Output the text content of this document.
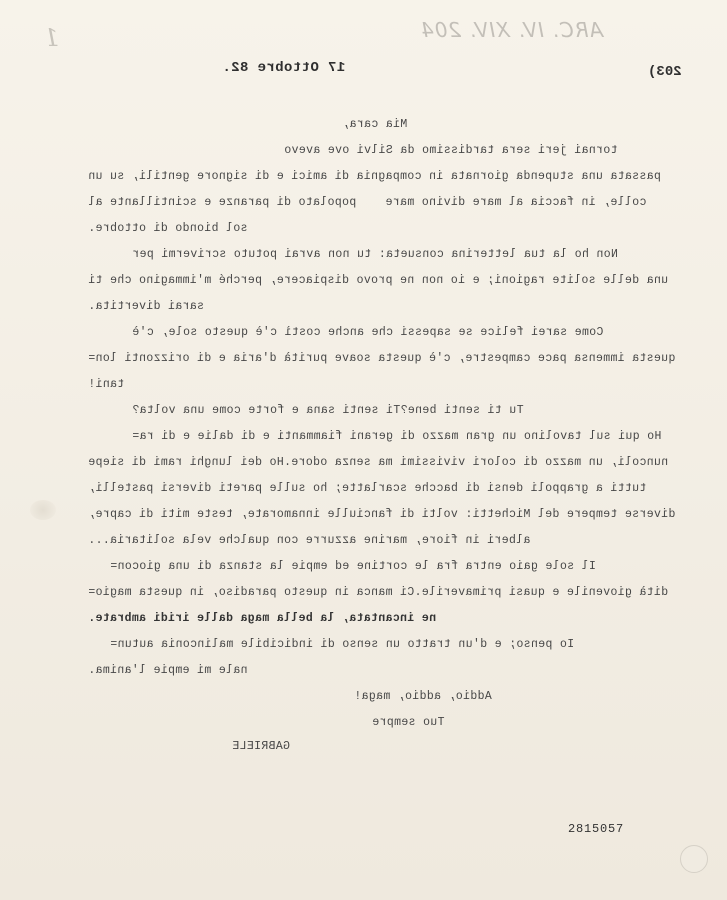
1	ARC. IV. XIV. 204
17 Ottobre 82.	203)
Mia cara,
tornai jeri sera tardissimo da Silvi ove avevo
passata una stupenda giornata in compagnia di amici e di signore gentili, su un
colle, in faccia al mare divino mare    popolato di paranze e scintillante al
sol biondo di ottobre.
Non ho la tua letterina consueta: tu non avrai potuto scrivermi per
una delle solite ragioni; e io non ne provo dispiacere, perché m'immagino che ti
sarai divertita.
Come sarei felice se sapessi che anche costì c'è questo sole, c'è
questa immensa pace campestre, c'è questa soave purità d'aria e di orizzonti lon=
tani!
Tu ti senti bene?Ti senti sana e forte come una volta?
Ho qui sul tavolino un gran mazzo di gerani fiammanti e di dalie e di ra=
nuncoli, un mazzo di colori vivissimi ma senza odore.Ho dei lunghi rami di siepe
tutti a grappoli densi di bacche scarlatte; ho sulle pareti diversi pastelli,
diverse tempere del Michetti: volti di fanciulle innamorate, teste miti di capre,
alberi in fiore, marine azzurre con qualche vela solitaria...
Il sole gaio entra fra le cortine ed empie la stanza di una giocon=
dità giovenile e quasi primaverile.Ci manca in questo paradiso, in questa magio=
ne incantata, la bella maga dalle iridi ambrate.
Io penso; e d'un tratto un senso di indicibile malinconia autun=
nale mi empie l'anima.
Addio, addio, maga!
Tuo sempre
GABRIELE
2815057
